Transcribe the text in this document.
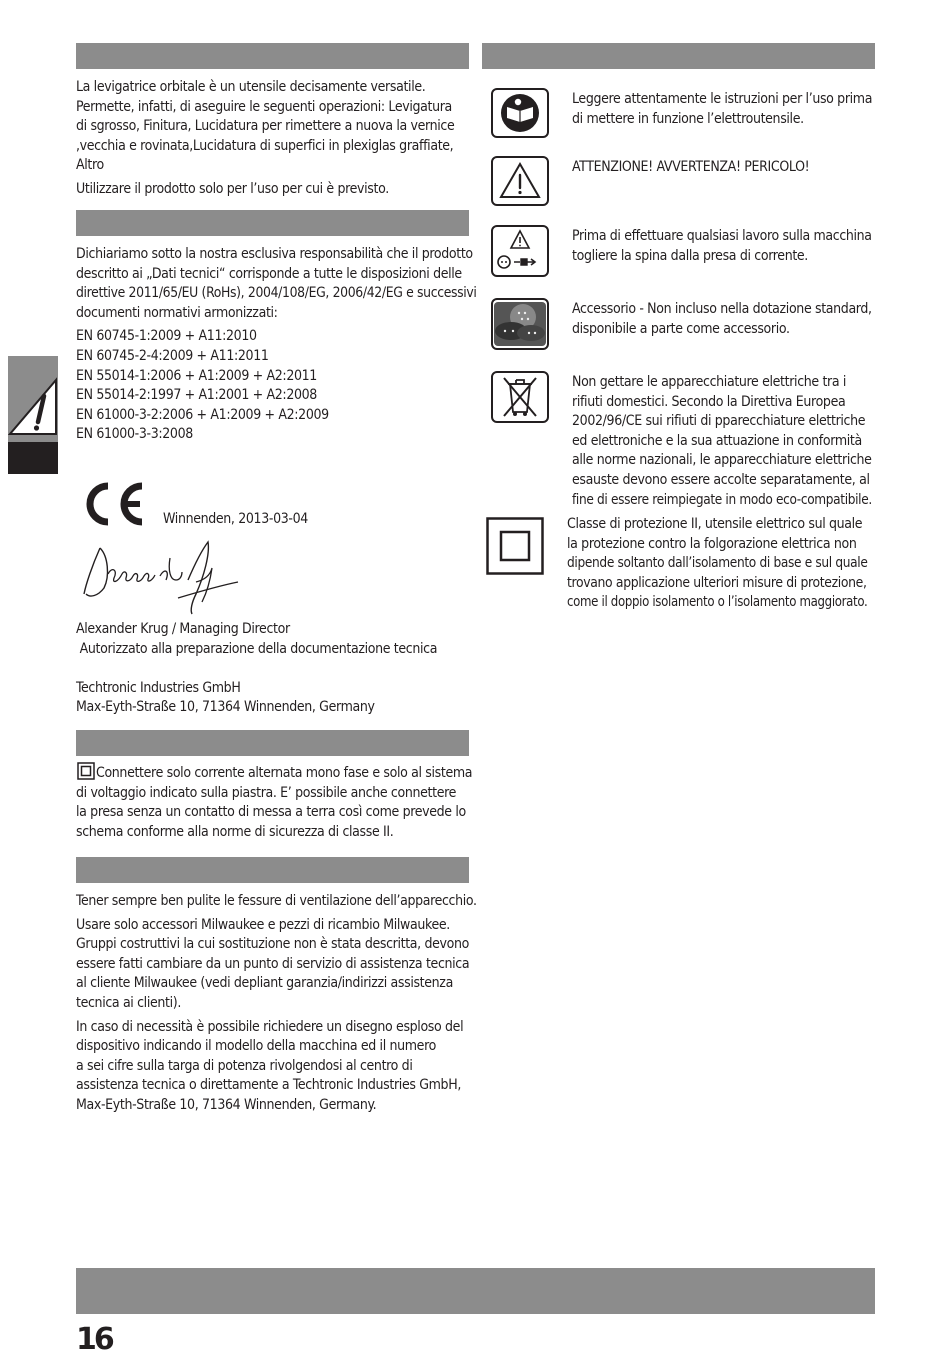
La levigatrice orbitale è un utensile decisamente versatile.
Permette, infatti, di aseguire le seguenti operazioni: Levigatura
di sgrosso, Finitura, Lucidatura per rimettere a nuova la vernice
,vecchia e rovinata,Lucidatura di superfici in plexiglas graffiate,
Altro

Utilizzare il prodotto solo per l’uso per cui è previsto.

Dichiariamo sotto la nostra esclusiva responsabilità che il prodotto
descritto ai „Dati tecnici“ corrisponde a tutte le disposizioni delle
direttive 2011/65/EU (RoHs), 2004/108/EG, 2006/42/EG e successivi
documenti normativi armonizzati:

EN 60745-1:2009 + A11:2010
EN 60745-2-4:2009 + A11:2011
EN 55014-1:2006 + A1:2009 + A2:2011
EN 55014-2:1997 + A1:2001 + A2:2008
EN 61000-3-2:2006 + A1:2009 + A2:2009
EN 61000-3-3:2008

Winnenden, 2013-03-04
Alexander Krug / Managing Director
Autorizzato alla preparazione della documentazione tecnica
Techtronic Industries GmbH
Max-Eyth-Straße 10, 71364 Winnenden, Germany
Connettere solo corrente alternata mono fase e solo al sistema
di voltaggio indicato sulla piastra. E’ possibile anche connettere
la presa senza un contatto di messa a terra così come prevede lo
schema conforme alla norme di sicurezza di classe II.

Tener sempre ben pulite le fessure di ventilazione dell’apparecchio.

Usare solo accessori Milwaukee e pezzi di ricambio Milwaukee.
Gruppi costruttivi la cui sostituzione non è stata descritta, devono
essere fatti cambiare da un punto di servizio di assistenza tecnica
al cliente Milwaukee (vedi depliant garanzia/indirizzi assistenza
tecnica ai clienti).

In caso di necessità è possibile richiedere un disegno esploso del
dispositivo indicando il modello della macchina ed il numero
a sei cifre sulla targa di potenza rivolgendosi al centro di
assistenza tecnica o direttamente a Techtronic Industries GmbH,
Max-Eyth-Straße 10, 71364 Winnenden, Germany.

Leggere attentamente le istruzioni per l’uso prima
di mettere in funzione l’elettroutensile.
ATTENZIONE! AVVERTENZA! PERICOLO!
Prima di effettuare qualsiasi lavoro sulla macchina
togliere la spina dalla presa di corrente.
Accessorio - Non incluso nella dotazione standard,
disponibile a parte come accessorio.
Non gettare le apparecchiature elettriche tra i
rifiuti domestici. Secondo la Direttiva Europea
2002/96/CE sui rifiuti di pparecchiature elettriche
ed elettroniche e la sua attuazione in conformità
alle norme nazionali, le apparecchiature elettriche
esauste devono essere accolte separatamente, al
fine di essere reimpiegate in modo eco-compatibile.
Classe di protezione II, utensile elettrico sul quale
la protezione contro la folgorazione elettrica non
dipende soltanto dall’isolamento di base e sul quale
trovano applicazione ulteriori misure di protezione,
come il doppio isolamento o l’isolamento maggiorato.
16
